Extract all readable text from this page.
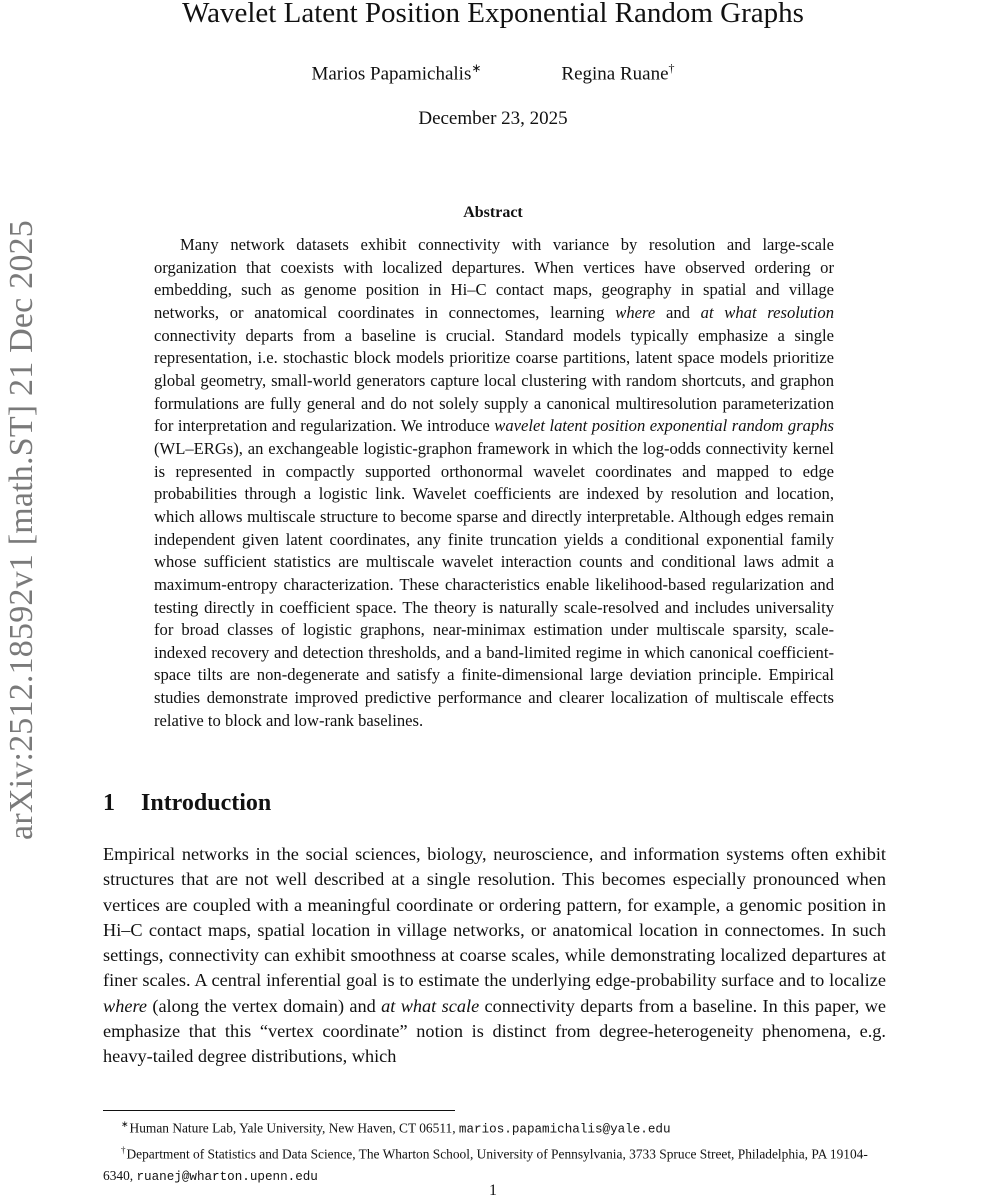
arXiv:2512.18592v1 [math.ST] 21 Dec 2025
Wavelet Latent Position Exponential Random Graphs
Marios Papamichalis∗	Regina Ruane†
December 23, 2025
Abstract
Many network datasets exhibit connectivity with variance by resolution and large-scale organization that coexists with localized departures. When vertices have observed ordering or embedding, such as genome position in Hi–C contact maps, geography in spatial and village networks, or anatomical coordinates in connectomes, learning where and at what resolution connectivity departs from a baseline is crucial. Standard models typically emphasize a single representation, i.e. stochastic block models prioritize coarse partitions, latent space models prioritize global geometry, small-world generators capture local clustering with random shortcuts, and graphon formulations are fully general and do not solely supply a canonical multiresolution parameterization for interpretation and regularization. We introduce wavelet latent position exponential random graphs (WL–ERGs), an exchangeable logistic-graphon framework in which the log-odds connectivity kernel is represented in compactly supported orthonormal wavelet coordinates and mapped to edge probabilities through a logistic link. Wavelet coefficients are indexed by resolution and location, which allows multiscale structure to become sparse and directly interpretable. Although edges remain independent given latent coordinates, any finite truncation yields a conditional exponential family whose sufficient statistics are multiscale wavelet interaction counts and conditional laws admit a maximum-entropy characterization. These characteristics enable likelihood-based regularization and testing directly in coefficient space. The theory is naturally scale-resolved and includes universality for broad classes of logistic graphons, near-minimax estimation under multiscale sparsity, scale-indexed recovery and detection thresholds, and a band-limited regime in which canonical coefficient-space tilts are non-degenerate and satisfy a finite-dimensional large deviation principle. Empirical studies demonstrate improved predictive performance and clearer localization of multiscale effects relative to block and low-rank baselines.
1 Introduction
Empirical networks in the social sciences, biology, neuroscience, and information systems often exhibit structures that are not well described at a single resolution. This becomes especially pronounced when vertices are coupled with a meaningful coordinate or ordering pattern, for example, a genomic position in Hi–C contact maps, spatial location in village networks, or anatomical location in connectomes. In such settings, connectivity can exhibit smoothness at coarse scales, while demonstrating localized departures at finer scales. A central inferential goal is to estimate the underlying edge-probability surface and to localize where (along the vertex domain) and at what scale connectivity departs from a baseline. In this paper, we emphasize that this “vertex coordinate” notion is distinct from degree-heterogeneity phenomena, e.g. heavy-tailed degree distributions, which
∗Human Nature Lab, Yale University, New Haven, CT 06511, marios.papamichalis@yale.edu
†Department of Statistics and Data Science, The Wharton School, University of Pennsylvania, 3733 Spruce Street, Philadelphia, PA 19104-6340, ruanej@wharton.upenn.edu
1
